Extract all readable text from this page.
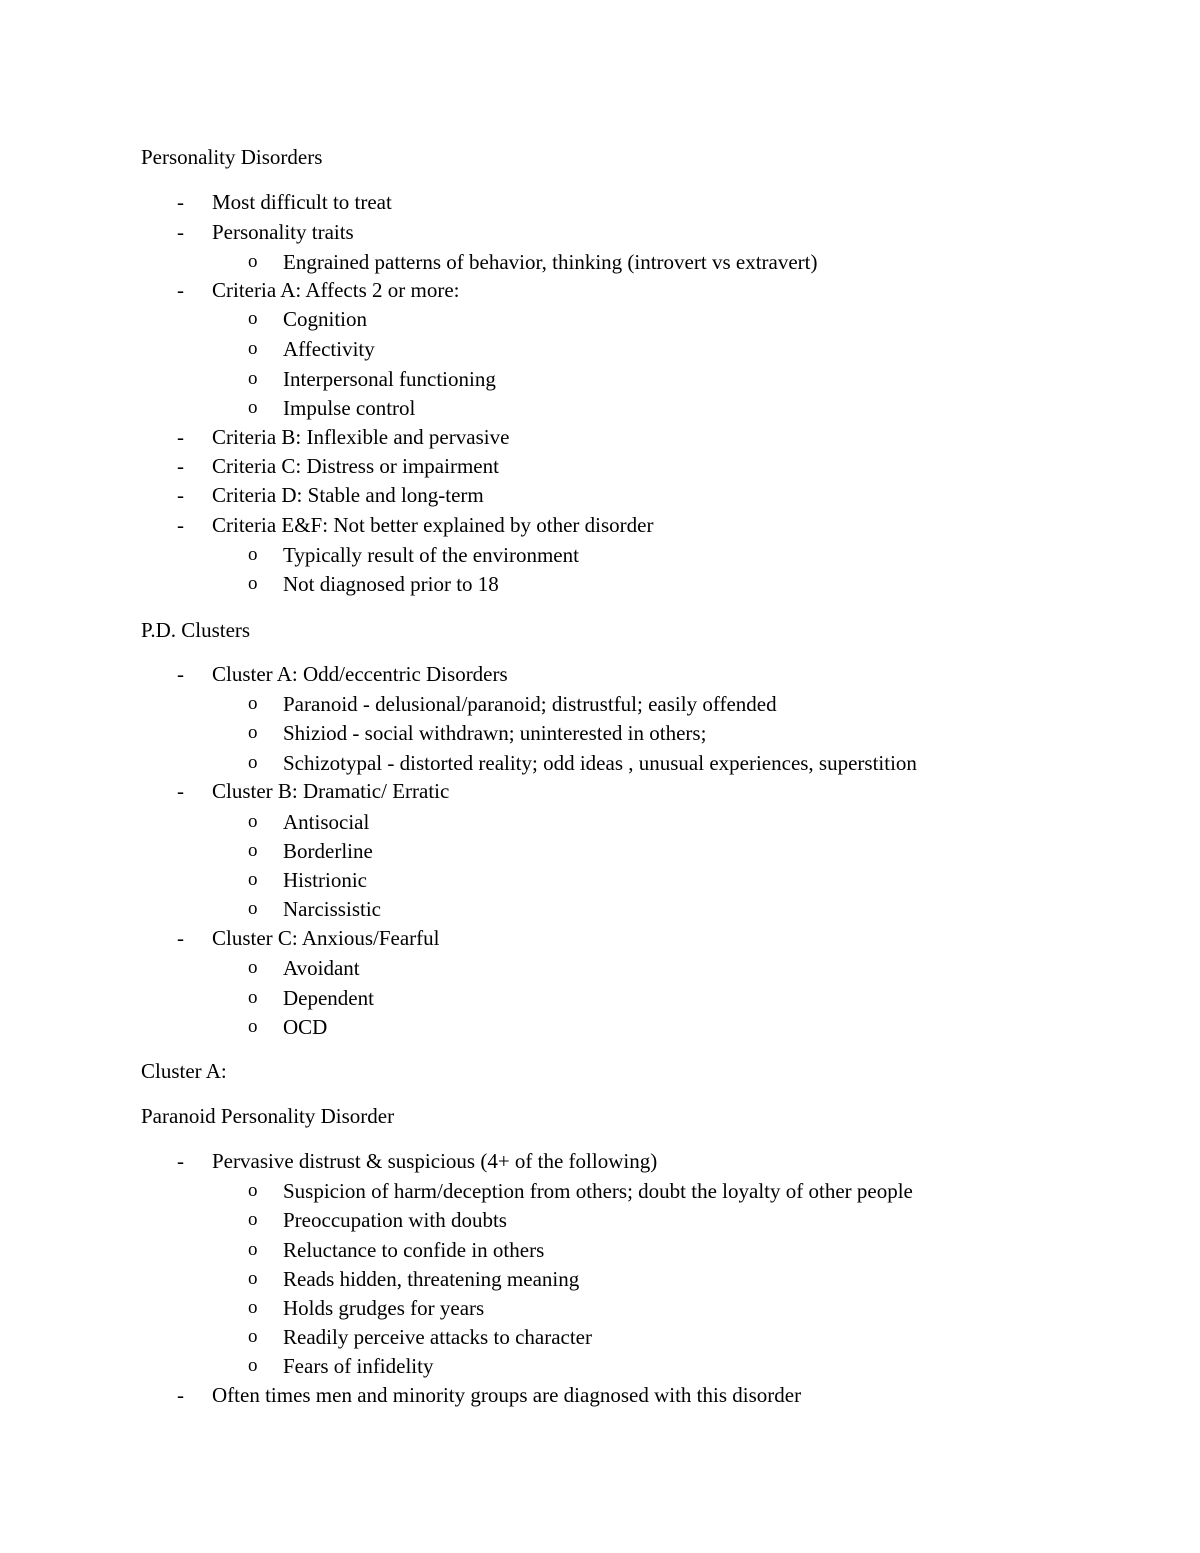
Personality Disorders
- Most difficult to treat
- Personality traits
o Engrained patterns of behavior, thinking (introvert vs extravert)
- Criteria A: Affects 2 or more:
o Cognition
o Affectivity
o Interpersonal functioning
o Impulse control
- Criteria B: Inflexible and pervasive
- Criteria C: Distress or impairment
- Criteria D: Stable and long-term
- Criteria E&F: Not better explained by other disorder
o Typically result of the environment
o Not diagnosed prior to 18
P.D. Clusters
- Cluster A: Odd/eccentric Disorders
o Paranoid - delusional/paranoid; distrustful; easily offended
o Shiziod - social withdrawn; uninterested in others;
o Schizotypal - distorted reality; odd ideas , unusual experiences, superstition
- Cluster B: Dramatic/ Erratic
o Antisocial
o Borderline
o Histrionic
o Narcissistic
- Cluster C: Anxious/Fearful
o Avoidant
o Dependent
o OCD
Cluster A:
Paranoid Personality Disorder
- Pervasive distrust & suspicious (4+ of the following)
o Suspicion of harm/deception from others; doubt the loyalty of other people
o Preoccupation with doubts
o Reluctance to confide in others
o Reads hidden, threatening meaning
o Holds grudges for years
o Readily perceive attacks to character
o Fears of infidelity
- Often times men and minority groups are diagnosed with this disorder
